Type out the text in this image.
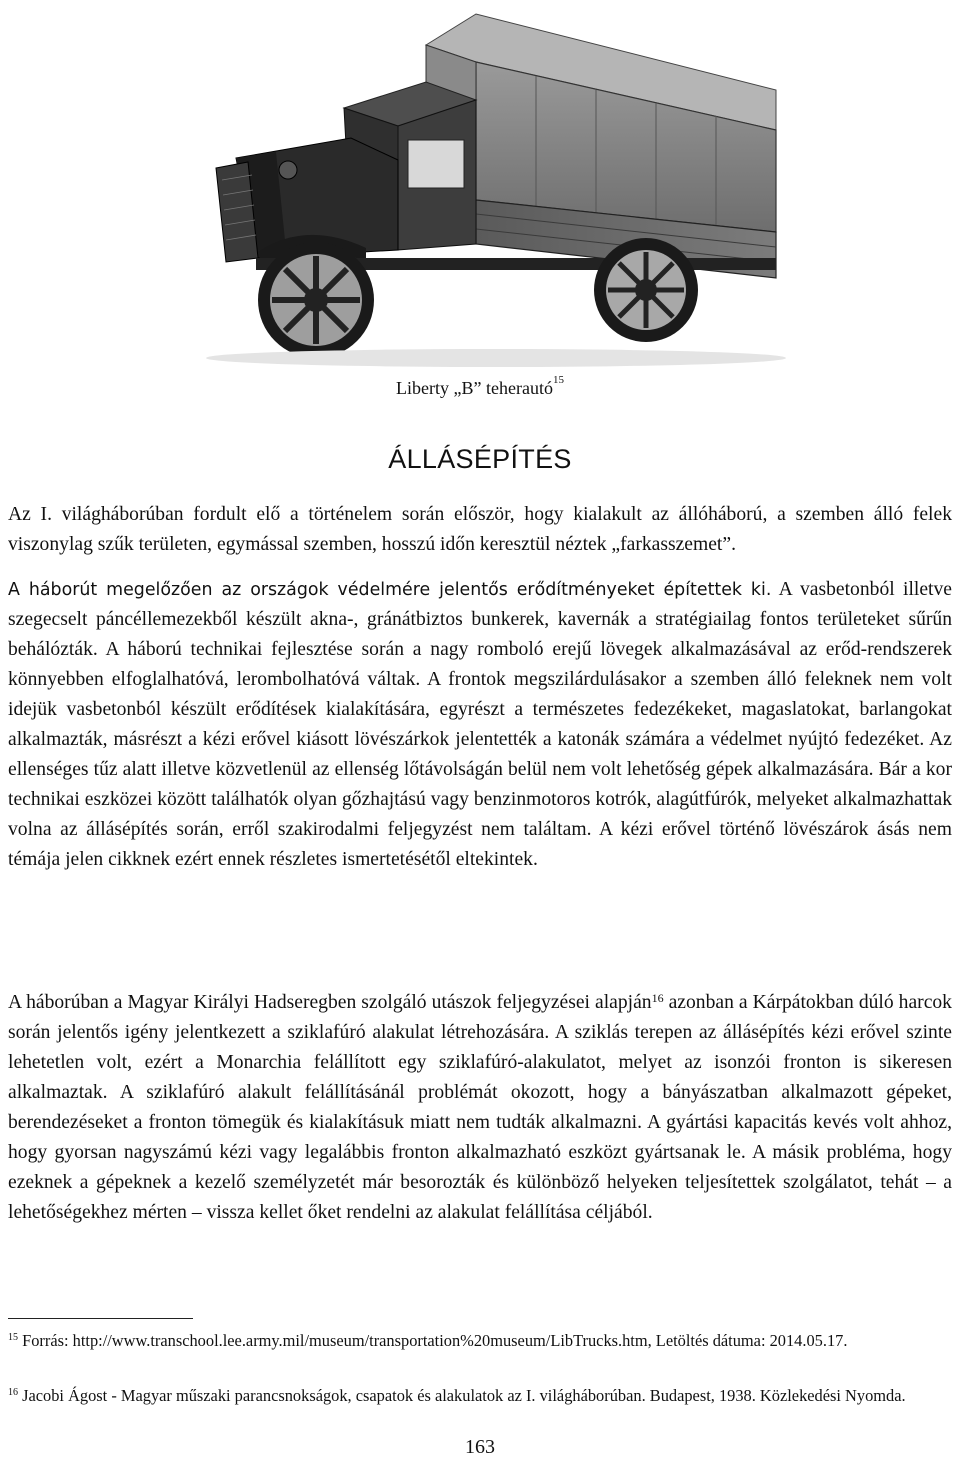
Liberty „B” teherautó$^{15}$
ÁLLÁSÉPÍTÉS

Az I. világháborúban fordult elő a történelem során először, hogy kialakult az állóháború, a szemben álló felek viszonylag szűk területen, egymással szemben, hosszú időn keresztül néztek „farkasszemet”.

A háborút megelőzően az országok védelmére jelentős erődítményeket építettek ki. A vasbetonból illetve szegecselt páncéllemezekből készült akna-, gránátbiztos bunkerek, kavernák a stratégiailag fontos területeket sűrűn behálózták. A háború technikai fejlesztése során a nagy romboló erejű lövegek alkalmazásával az erőd-rendszerek könnyebben elfoglalhatóvá, lerombolhatóvá váltak. A frontok megszilárdulásakor a szemben álló feleknek nem volt idejük vasbetonból készült erődítések kialakítására, egyrészt a természetes fedezékeket, magaslatokat, barlangokat alkalmazták, másrészt a kézi erővel kiásott lövészárkok jelentették a katonák számára a védelmet nyújtó fedezéket. Az ellenséges tűz alatt illetve közvetlenül az ellenség lőtávolságán belül nem volt lehetőség gépek alkalmazására. Bár a kor technikai eszközei között találhatók olyan gőzhajtású vagy benzinmotoros kotrók, alagútfúrók, melyeket alkalmazhattak volna az állásépítés során, erről szakirodalmi feljegyzést nem találtam. A kézi erővel történő lövészárok ásás nem témája jelen cikknek ezért ennek részletes ismertetésétől eltekintek.

A háborúban a Magyar Királyi Hadseregben szolgáló utászok feljegyzései alapján$^{16}$ azonban a Kárpátokban dúló harcok során jelentős igény jelentkezett a sziklafúró alakulat létrehozására. A sziklás terepen az állásépítés kézi erővel szinte lehetetlen volt, ezért a Monarchia felállított egy sziklafúró-alakulatot, melyet az isonzói fronton is sikeresen alkalmaztak. A sziklafúró alakult felállításánál problémát okozott, hogy a bányászatban alkalmazott gépeket, berendezéseket a fronton tömegük és kialakításuk miatt nem tudták alkalmazni. A gyártási kapacitás kevés volt ahhoz, hogy gyorsan nagyszámú kézi vagy legalábbis fronton alkalmazható eszközt gyártsanak le. A másik probléma, hogy ezeknek a gépeknek a kezelő személyzetét már besorozták és különböző helyeken teljesítettek szolgálatot, tehát – a lehetőségekhez mérten – vissza kellet őket rendelni az alakulat felállítása céljából.

$^{15}$ Forrás: http://www.transchool.lee.army.mil/museum/transportation%20museum/LibTrucks.htm, Letöltés dátuma: 2014.05.17.

$^{16}$ Jacobi Ágost - Magyar műszaki parancsnokságok, csapatok és alakulatok az I. világháborúban. Budapest, 1938. Közlekedési Nyomda.

163
